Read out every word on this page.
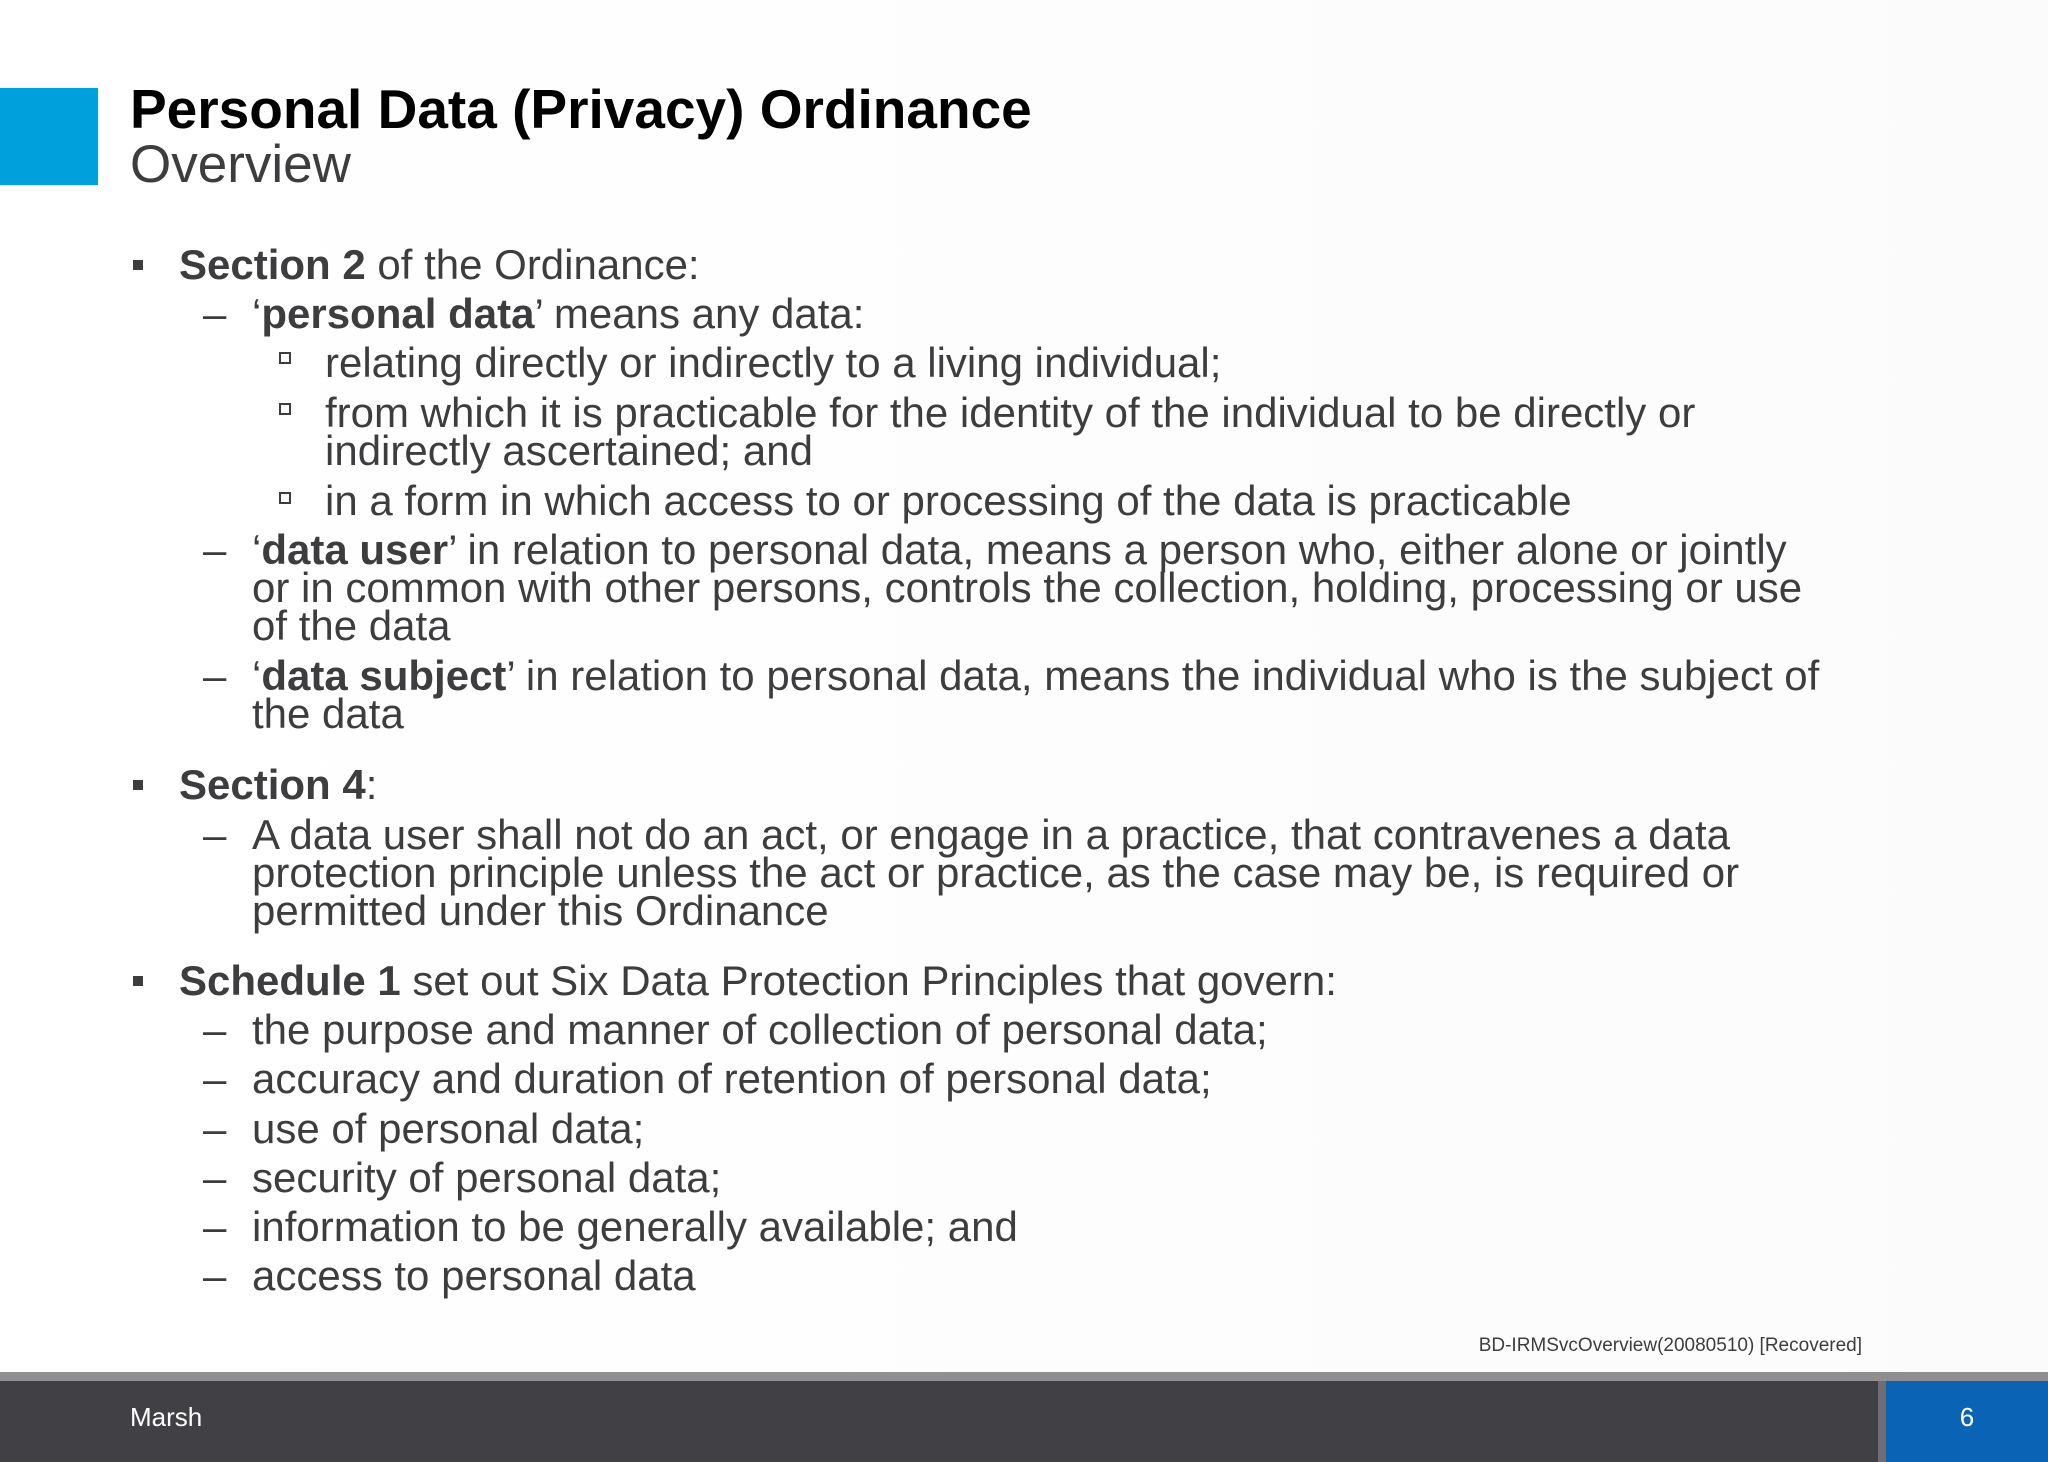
Personal Data (Privacy) Ordinance
Overview
Section 2 of the Ordinance:
– ‘personal data’ means any data:
relating directly or indirectly to a living individual;
from which it is practicable for the identity of the individual to be directly or
indirectly ascertained; and
in a form in which access to or processing of the data is practicable
– ‘data user’ in relation to personal data, means a person who, either alone or jointly
or in common with other persons, controls the collection, holding, processing or use
of the data
– ‘data subject’ in relation to personal data, means the individual who is the subject of
the data
Section 4:
– A data user shall not do an act, or engage in a practice, that contravenes a data
protection principle unless the act or practice, as the case may be, is required or
permitted under this Ordinance
Schedule 1 set out Six Data Protection Principles that govern:
– the purpose and manner of collection of personal data;
– accuracy and duration of retention of personal data;
– use of personal data;
– security of personal data;
– information to be generally available; and
– access to personal data
BD-IRMSvcOverview(20080510) [Recovered]
Marsh	6
